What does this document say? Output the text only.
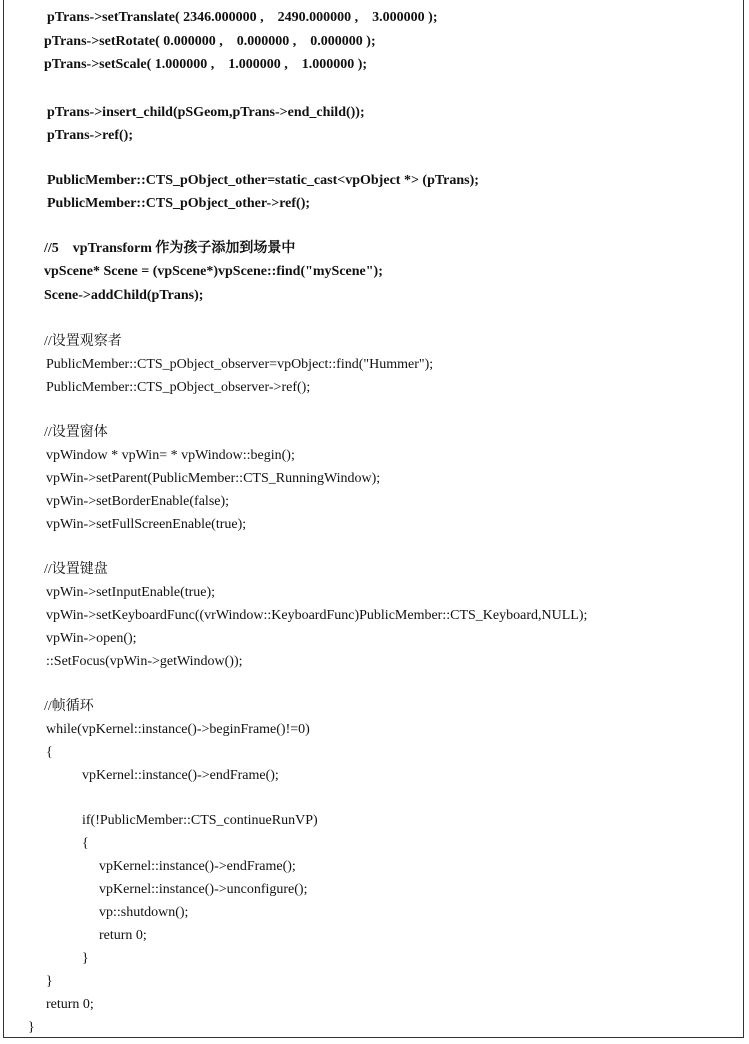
pTrans->setTranslate( 2346.000000 ,    2490.000000 ,    3.000000 );
pTrans->setRotate( 0.000000 ,    0.000000 ,    0.000000 );
pTrans->setScale( 1.000000 ,    1.000000 ,    1.000000 );
pTrans->insert_child(pSGeom,pTrans->end_child());
pTrans->ref();
PublicMember::CTS_pObject_other=static_cast<vpObject *> (pTrans);
PublicMember::CTS_pObject_other->ref();
//5    vpTransform 作为孩子添加到场景中
vpScene* Scene = (vpScene*)vpScene::find("myScene");
Scene->addChild(pTrans);
//设置观察者
PublicMember::CTS_pObject_observer=vpObject::find("Hummer");
PublicMember::CTS_pObject_observer->ref();
//设置窗体
vpWindow * vpWin= * vpWindow::begin();
vpWin->setParent(PublicMember::CTS_RunningWindow);
vpWin->setBorderEnable(false);
vpWin->setFullScreenEnable(true);
//设置键盘
vpWin->setInputEnable(true);
vpWin->setKeyboardFunc((vrWindow::KeyboardFunc)PublicMember::CTS_Keyboard,NULL);
vpWin->open();
::SetFocus(vpWin->getWindow());
//帧循环
while(vpKernel::instance()->beginFrame()!=0)
{
vpKernel::instance()->endFrame();
if(!PublicMember::CTS_continueRunVP)
{
vpKernel::instance()->endFrame();
vpKernel::instance()->unconfigure();
vp::shutdown();
return 0;
}
}
return 0;
}
